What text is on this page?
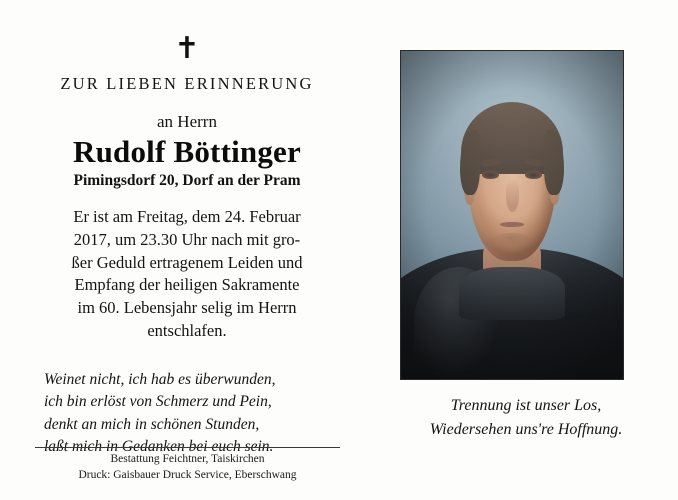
✝
ZUR LIEBEN ERINNERUNG
an Herrn
Rudolf Böttinger
Pimingsdorf 20, Dorf an der Pram
Er ist am Freitag, dem 24. Februar
2017, um 23.30 Uhr nach mit gro-
ßer Geduld ertragenem Leiden und
Empfang der heiligen Sakramente
im 60. Lebensjahr selig im Herrn
entschlafen.
Weinet nicht, ich hab es überwunden,
ich bin erlöst von Schmerz und Pein,
denkt an mich in schönen Stunden,
laßt mich in Gedanken bei euch sein.
Bestattung Feichtner, Taiskirchen
Druck: Gaisbauer Druck Service, Eberschwang
Trennung ist unser Los,
Wiedersehen uns're Hoffnung.
